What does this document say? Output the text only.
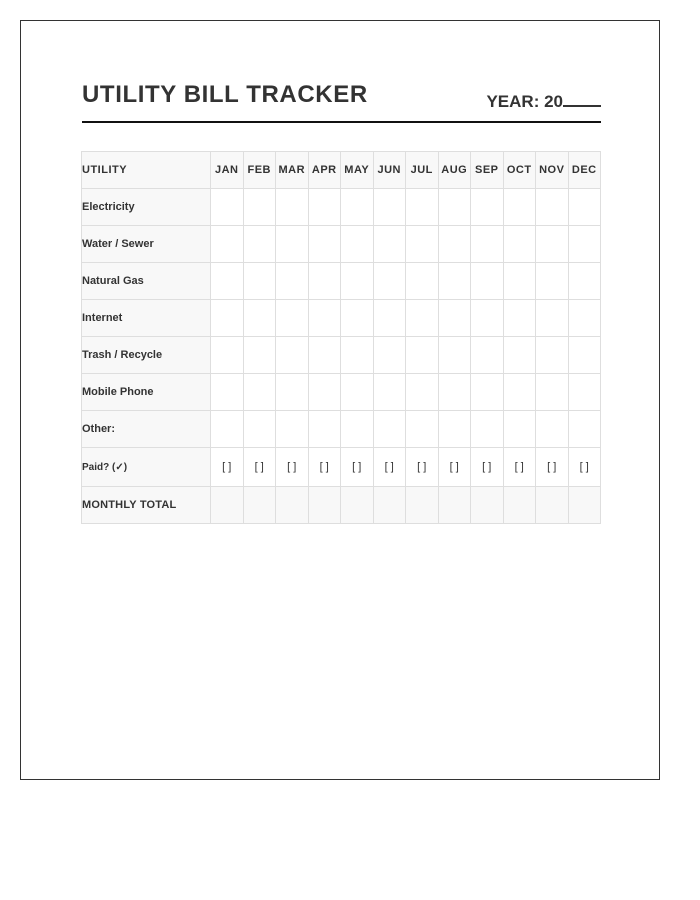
UTILITY BILL TRACKER	YEAR: 20
UTILITY	JAN	FEB	MAR	APR	MAY	JUN	JUL	AUG	SEP	OCT	NOV	DEC
Electricity												
Water / Sewer												
Natural Gas												
Internet												
Trash / Recycle												
Mobile Phone												
Other:												
Paid? (✓)	[ ]	[ ]	[ ]	[ ]	[ ]	[ ]	[ ]	[ ]	[ ]	[ ]	[ ]	[ ]
MONTHLY TOTAL												
